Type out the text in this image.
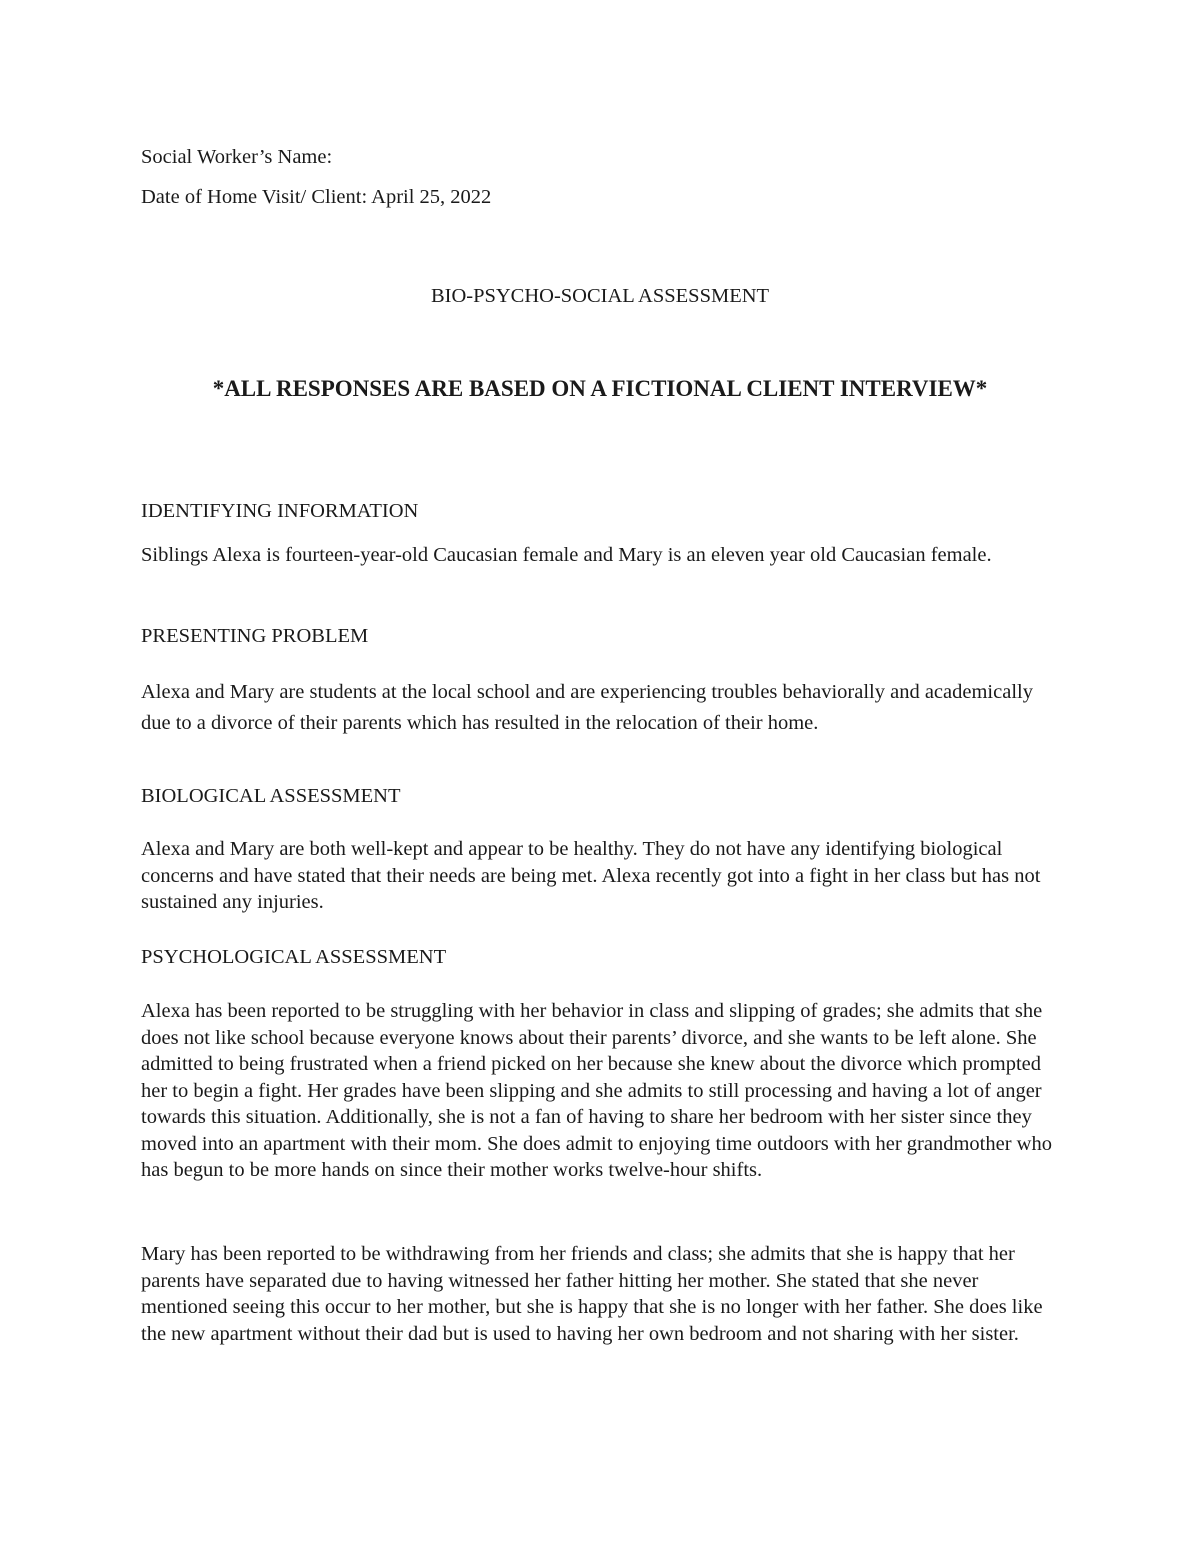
Social Worker’s Name:

Date of Home Visit/ Client: April 25, 2022

BIO-PSYCHO-SOCIAL ASSESSMENT

*ALL RESPONSES ARE BASED ON A FICTIONAL CLIENT INTERVIEW*

IDENTIFYING INFORMATION

Siblings Alexa is fourteen-year-old Caucasian female and Mary is an eleven year old Caucasian female.

PRESENTING PROBLEM

Alexa and Mary are students at the local school and are experiencing troubles behaviorally and academically due to a divorce of their parents which has resulted in the relocation of their home.

BIOLOGICAL ASSESSMENT

Alexa and Mary are both well-kept and appear to be healthy. They do not have any identifying biological concerns and have stated that their needs are being met. Alexa recently got into a fight in her class but has not sustained any injuries.

PSYCHOLOGICAL ASSESSMENT

Alexa has been reported to be struggling with her behavior in class and slipping of grades; she admits that she does not like school because everyone knows about their parents’ divorce, and she wants to be left alone. She admitted to being frustrated when a friend picked on her because she knew about the divorce which prompted her to begin a fight. Her grades have been slipping and she admits to still processing and having a lot of anger towards this situation. Additionally, she is not a fan of having to share her bedroom with her sister since they moved into an apartment with their mom. She does admit to enjoying time outdoors with her grandmother who has begun to be more hands on since their mother works twelve-hour shifts.

Mary has been reported to be withdrawing from her friends and class; she admits that she is happy that her parents have separated due to having witnessed her father hitting her mother. She stated that she never mentioned seeing this occur to her mother, but she is happy that she is no longer with her father. She does like the new apartment without their dad but is used to having her own bedroom and not sharing with her sister.
